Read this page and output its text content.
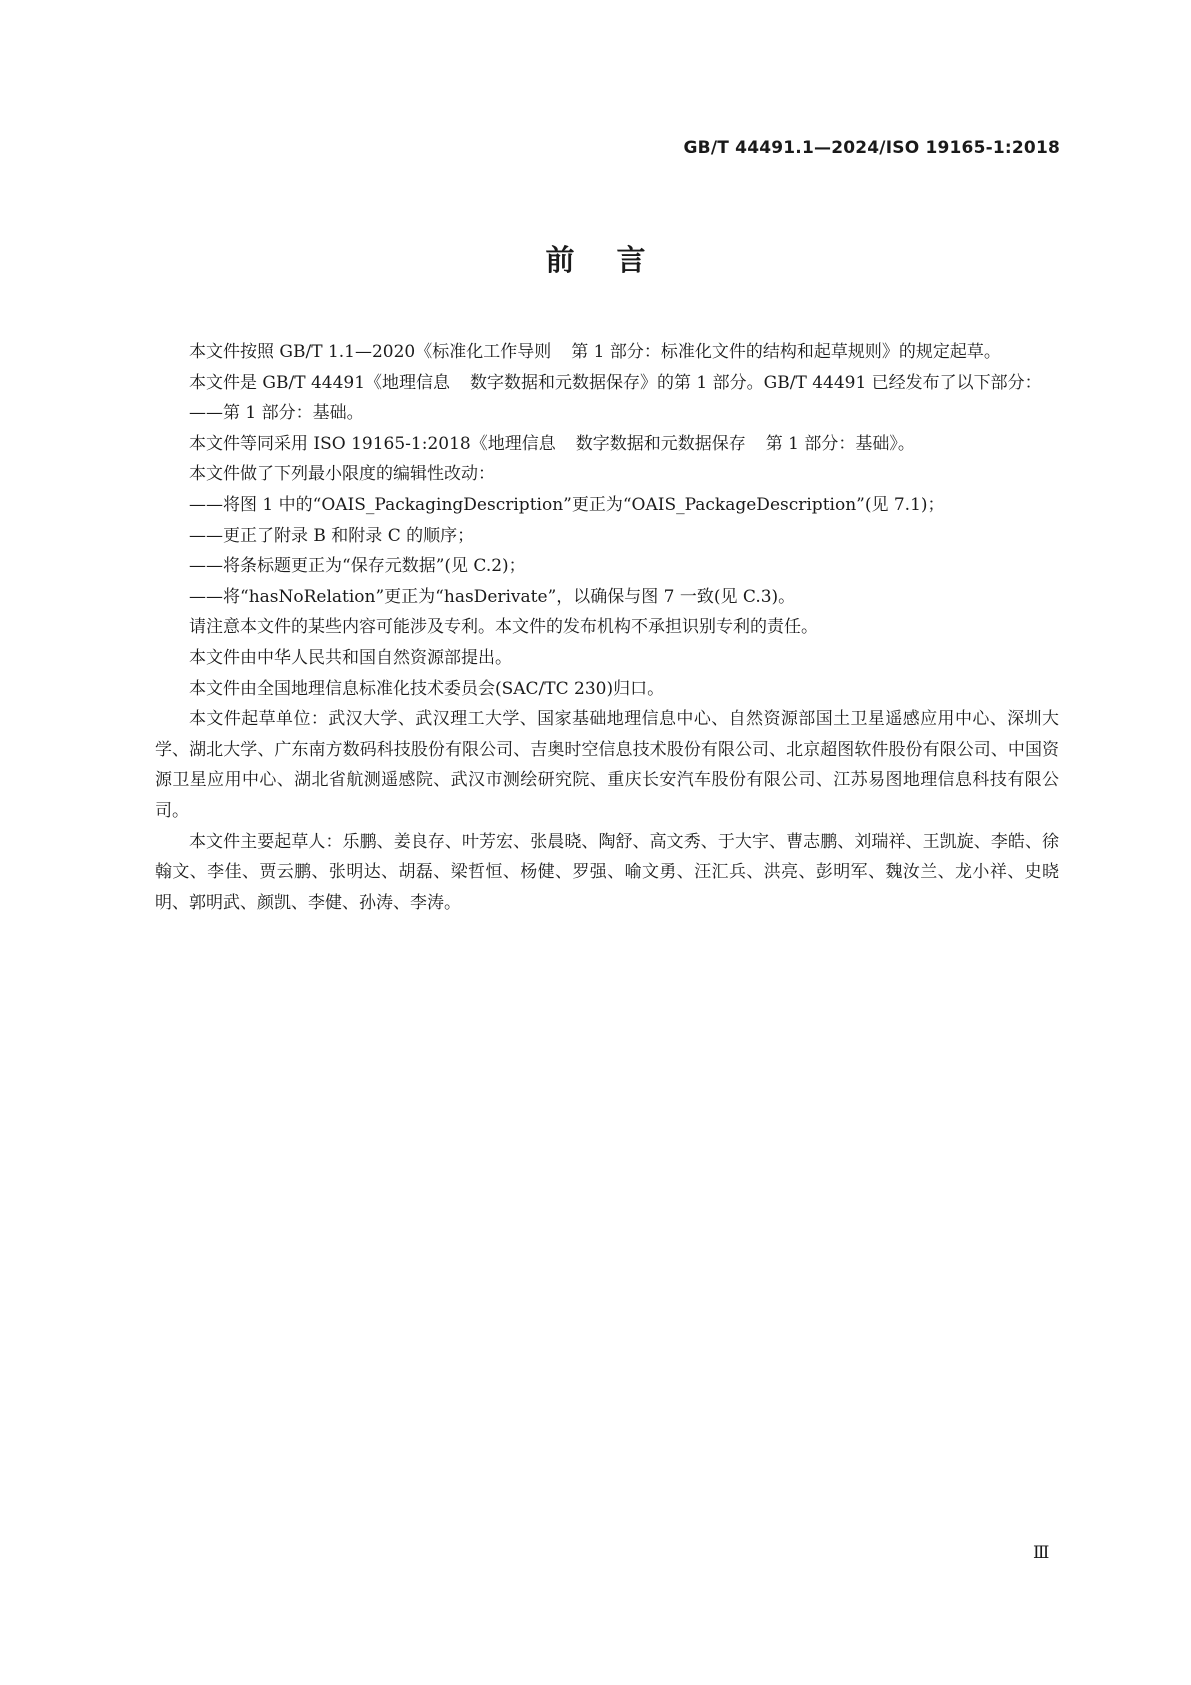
GB/T 44491.1—2024/ISO 19165-1:2018
前言

本文件按照 GB/T 1.1—2020《标准化工作导则 第 1 部分：标准化文件的结构和起草规则》的规定起草。

本文件是 GB/T 44491《地理信息 数字数据和元数据保存》的第 1 部分。GB/T 44491 已经发布了以下部分：

——第 1 部分：基础。

本文件等同采用 ISO 19165-1:2018《地理信息 数字数据和元数据保存 第 1 部分：基础》。

本文件做了下列最小限度的编辑性改动：

——将图 1 中的“OAIS_PackagingDescription”更正为“OAIS_PackageDescription”(见 7.1)；

——更正了附录 B 和附录 C 的顺序；

——将条标题更正为“保存元数据”(见 C.2)；

——将“hasNoRelation”更正为“hasDerivate”，以确保与图 7 一致(见 C.3)。

请注意本文件的某些内容可能涉及专利。本文件的发布机构不承担识别专利的责任。

本文件由中华人民共和国自然资源部提出。

本文件由全国地理信息标准化技术委员会(SAC/TC 230)归口。

本文件起草单位：武汉大学、武汉理工大学、国家基础地理信息中心、自然资源部国土卫星遥感应用中心、深圳大学、湖北大学、广东南方数码科技股份有限公司、吉奥时空信息技术股份有限公司、北京超图软件股份有限公司、中国资源卫星应用中心、湖北省航测遥感院、武汉市测绘研究院、重庆长安汽车股份有限公司、江苏易图地理信息科技有限公司。

本文件主要起草人：乐鹏、姜良存、叶芳宏、张晨晓、陶舒、高文秀、于大宇、曹志鹏、刘瑞祥、王凯旋、李皓、徐翰文、李佳、贾云鹏、张明达、胡磊、梁哲恒、杨健、罗强、喻文勇、汪汇兵、洪亮、彭明军、魏汝兰、龙小祥、史晓明、郭明武、颜凯、李健、孙涛、李涛。

Ⅲ
